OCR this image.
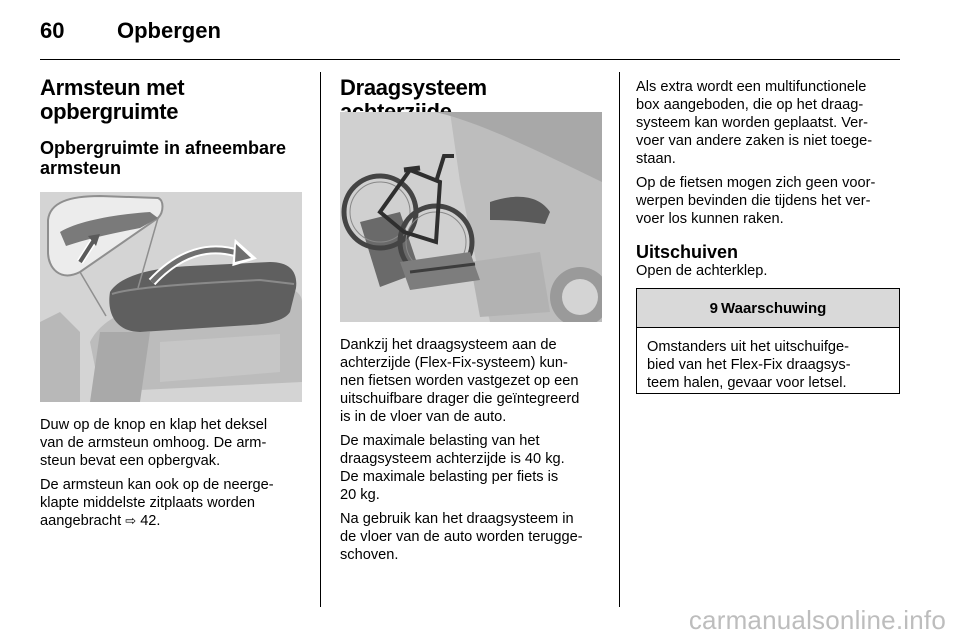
60 Opbergen
Armsteun met
opbergruimte
Opbergruimte in afneembare
armsteun

Duw op de knop en klap het deksel
van de armsteun omhoog. De arm-
steun bevat een opbergvak.

De armsteun kan ook op de neerge-
klapte middelste zitplaats worden
aangebracht ⇨ 42.

Draagsysteem

Dankzij het draagsysteem aan de
achterzijde (Flex-Fix-systeem) kun-
nen fietsen worden vastgezet op een
uitschuifbare drager die geïntegreerd
is in de vloer van de auto.

De maximale belasting van het
draagsysteem achterzijde is 40 kg.
De maximale belasting per fiets is
20 kg.

Na gebruik kan het draagsysteem in
de vloer van de auto worden terugge-
schoven.

Als extra wordt een multifunctionele
box aangeboden, die op het draag-
systeem kan worden geplaatst. Ver-
voer van andere zaken is niet toege-
staan.

Op de fietsen mogen zich geen voor-
werpen bevinden die tijdens het ver-
voer los kunnen raken.

Uitschuiven

Open de achterklep.

9 Waarschuwing

Omstanders uit het uitschuifge-
bied van het Flex-Fix draagsys-
teem halen, gevaar voor letsel.

carmanualsonline.info
